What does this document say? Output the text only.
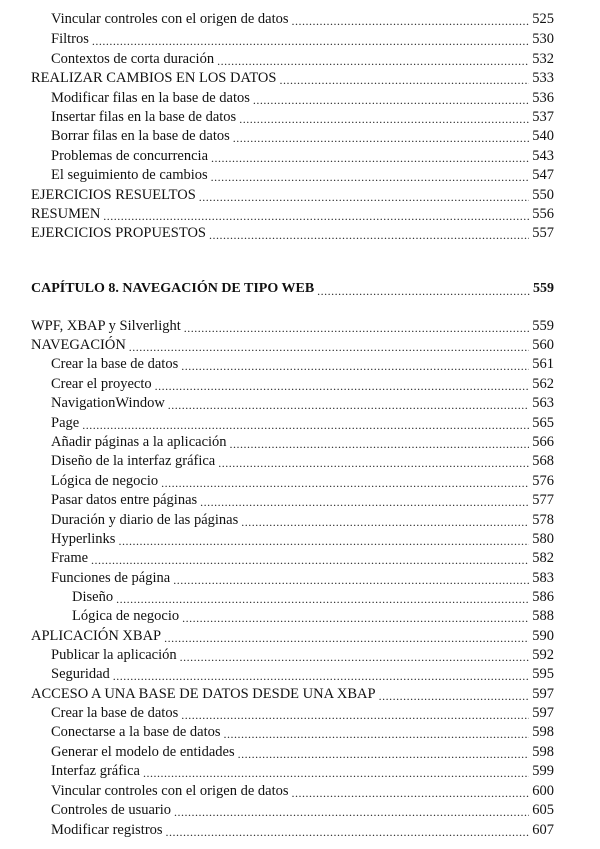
Vincular controles con el origen de datos .....	525
Filtros .....	530
Contextos de corta duración .....	532
REALIZAR CAMBIOS EN LOS DATOS .....	533
Modificar filas en la base de datos .....	536
Insertar filas en la base de datos .....	537
Borrar filas en la base de datos .....	540
Problemas de concurrencia .....	543
El seguimiento de cambios .....	547
EJERCICIOS RESUELTOS .....	550
RESUMEN .....	556
EJERCICIOS PROPUESTOS .....	557
CAPÍTULO 8. NAVEGACIÓN DE TIPO WEB .....	559
WPF, XBAP y Silverlight .....	559
NAVEGACIÓN .....	560
Crear la base de datos .....	561
Crear el proyecto .....	562
NavigationWindow .....	563
Page .....	565
Añadir páginas a la aplicación .....	566
Diseño de la interfaz gráfica .....	568
Lógica de negocio .....	576
Pasar datos entre páginas .....	577
Duración y diario de las páginas .....	578
Hyperlinks .....	580
Frame .....	582
Funciones de página .....	583
Diseño .....	586
Lógica de negocio .....	588
APLICACIÓN XBAP .....	590
Publicar la aplicación .....	592
Seguridad .....	595
ACCESO A UNA BASE DE DATOS DESDE UNA XBAP .....	597
Crear la base de datos .....	597
Conectarse a la base de datos .....	598
Generar el modelo de entidades .....	598
Interfaz gráfica .....	599
Vincular controles con el origen de datos .....	600
Controles de usuario .....	605
Modificar registros .....	607
